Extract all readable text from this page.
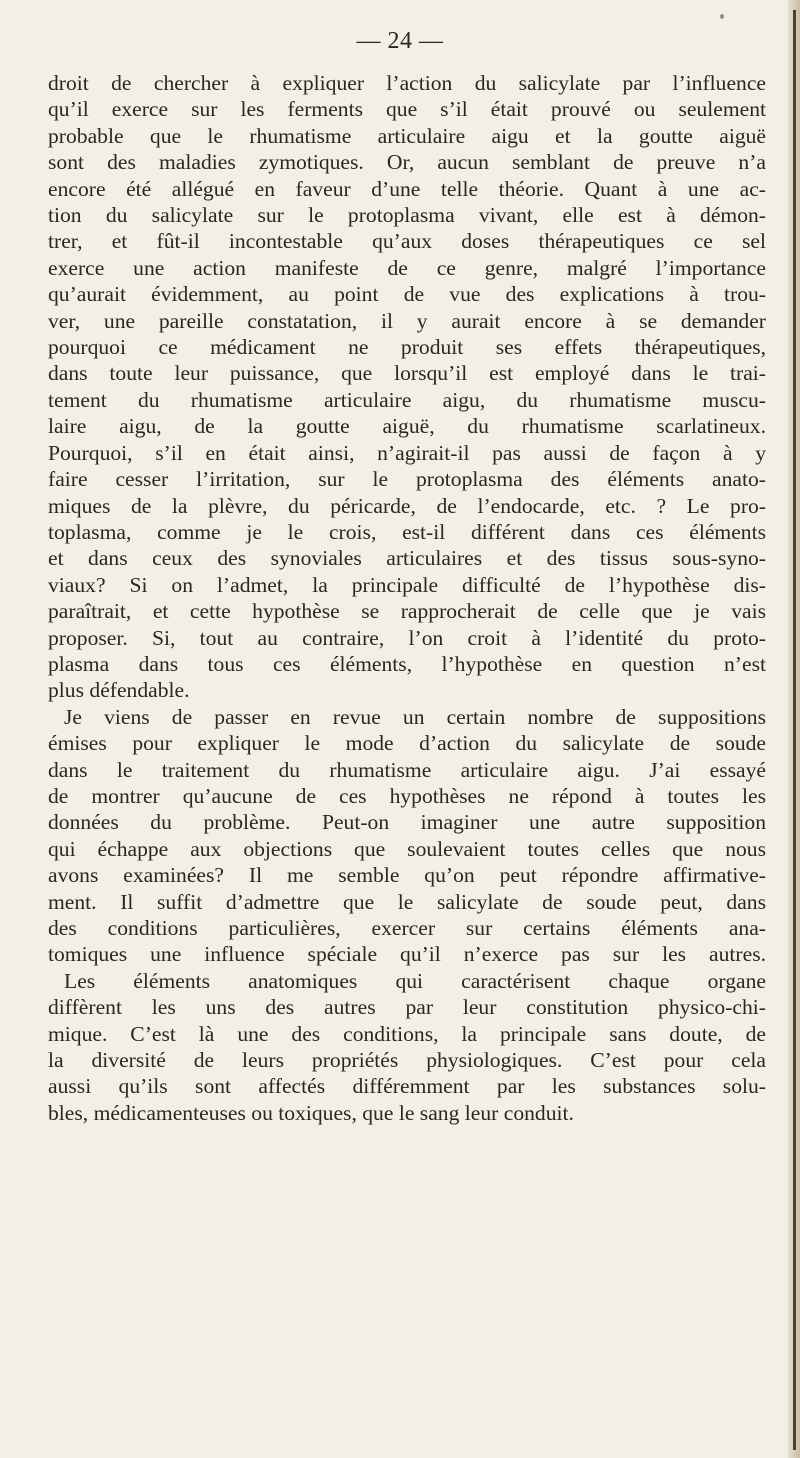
— 24 —
droit de chercher à expliquer l’action du salicylate par l’influence
qu’il exerce sur les ferments que s’il était prouvé ou seulement
probable que le rhumatisme articulaire aigu et la goutte aiguë
sont des maladies zymotiques. Or, aucun semblant de preuve n’a
encore été allégué en faveur d’une telle théorie. Quant à une ac-
tion du salicylate sur le protoplasma vivant, elle est à démon-
trer, et fût-il incontestable qu’aux doses thérapeutiques ce sel
exerce une action manifeste de ce genre, malgré l’importance
qu’aurait évidemment, au point de vue des explications à trou-
ver, une pareille constatation, il y aurait encore à se demander
pourquoi ce médicament ne produit ses effets thérapeutiques,
dans toute leur puissance, que lorsqu’il est employé dans le trai-
tement du rhumatisme articulaire aigu, du rhumatisme muscu-
laire aigu, de la goutte aiguë, du rhumatisme scarlatineux.
Pourquoi, s’il en était ainsi, n’agirait-il pas aussi de façon à y
faire cesser l’irritation, sur le protoplasma des éléments anato-
miques de la plèvre, du péricarde, de l’endocarde, etc. ? Le pro-
toplasma, comme je le crois, est-il différent dans ces éléments
et dans ceux des synoviales articulaires et des tissus sous-syno-
viaux? Si on l’admet, la principale difficulté de l’hypothèse dis-
paraîtrait, et cette hypothèse se rapprocherait de celle que je vais
proposer. Si, tout au contraire, l’on croit à l’identité du proto-
plasma dans tous ces éléments, l’hypothèse en question n’est
plus défendable.
Je viens de passer en revue un certain nombre de suppositions
émises pour expliquer le mode d’action du salicylate de soude
dans le traitement du rhumatisme articulaire aigu. J’ai essayé
de montrer qu’aucune de ces hypothèses ne répond à toutes les
données du problème. Peut-on imaginer une autre supposition
qui échappe aux objections que soulevaient toutes celles que nous
avons examinées? Il me semble qu’on peut répondre affirmative-
ment. Il suffit d’admettre que le salicylate de soude peut, dans
des conditions particulières, exercer sur certains éléments ana-
tomiques une influence spéciale qu’il n’exerce pas sur les autres.
Les éléments anatomiques qui caractérisent chaque organe
diffèrent les uns des autres par leur constitution physico-chi-
mique. C’est là une des conditions, la principale sans doute, de
la diversité de leurs propriétés physiologiques. C’est pour cela
aussi qu’ils sont affectés différemment par les substances solu-
bles, médicamenteuses ou toxiques, que le sang leur conduit.
